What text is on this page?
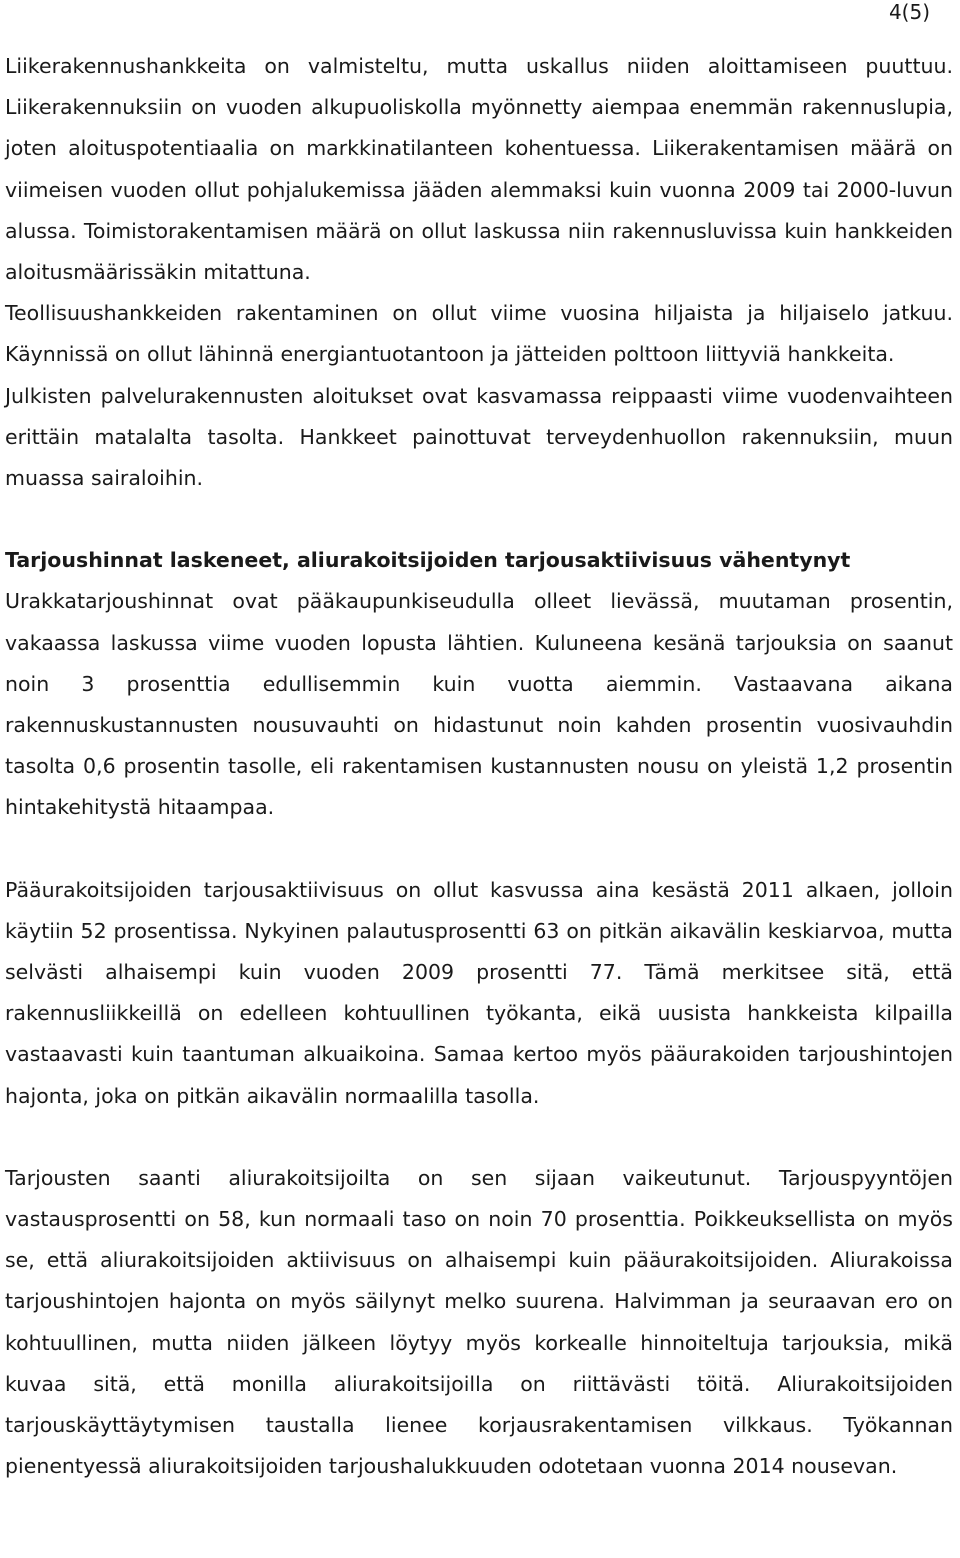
4(5)

Liikerakennushankkeita on valmisteltu, mutta uskallus niiden aloittamiseen puuttuu. Liikerakennuksiin on vuoden alkupuoliskolla myönnetty aiempaa enemmän rakennuslupia, joten aloituspotentiaalia on markkinatilanteen kohentuessa. Liikerakentamisen määrä on viimeisen vuoden ollut pohjalukemissa jääden alemmaksi kuin vuonna 2009 tai 2000-luvun alussa. Toimistorakentamisen määrä on ollut laskussa niin rakennusluvissa kuin hankkeiden aloitusmäärissäkin mitattuna.

Teollisuushankkeiden rakentaminen on ollut viime vuosina hiljaista ja hiljaiselo jatkuu. Käynnissä on ollut lähinnä energiantuotantoon ja jätteiden polttoon liittyviä hankkeita.

Julkisten palvelurakennusten aloitukset ovat kasvamassa reippaasti viime vuodenvaihteen erittäin matalalta tasolta. Hankkeet painottuvat terveydenhuollon rakennuksiin, muun muassa sairaloihin.

Tarjoushinnat laskeneet, aliurakoitsijoiden tarjousaktiivisuus vähentynyt

Urakkatarjoushinnat ovat pääkaupunkiseudulla olleet lievässä, muutaman prosentin, vakaassa laskussa viime vuoden lopusta lähtien. Kuluneena kesänä tarjouksia on saanut noin 3 prosenttia edullisemmin kuin vuotta aiemmin. Vastaavana aikana rakennuskustannusten nousuvauhti on hidastunut noin kahden prosentin vuosivauhdin tasolta 0,6 prosentin tasolle, eli rakentamisen kustannusten nousu on yleistä 1,2 prosentin hintakehitystä hitaampaa.

Pääurakoitsijoiden tarjousaktiivisuus on ollut kasvussa aina kesästä 2011 alkaen, jolloin käytiin 52 prosentissa. Nykyinen palautusprosentti 63 on pitkän aikavälin keskiarvoa, mutta selvästi alhaisempi kuin vuoden 2009 prosentti 77. Tämä merkitsee sitä, että rakennusliikkeillä on edelleen kohtuullinen työkanta, eikä uusista hankkeista kilpailla vastaavasti kuin taantuman alkuaikoina. Samaa kertoo myös pääurakoiden tarjoushintojen hajonta, joka on pitkän aikavälin normaalilla tasolla.

Tarjousten saanti aliurakoitsijoilta on sen sijaan vaikeutunut. Tarjouspyyntöjen vastausprosentti on 58, kun normaali taso on noin 70 prosenttia. Poikkeuksellista on myös se, että aliurakoitsijoiden aktiivisuus on alhaisempi kuin pääurakoitsijoiden. Aliurakoissa tarjoushintojen hajonta on myös säilynyt melko suurena. Halvimman ja seuraavan ero on kohtuullinen, mutta niiden jälkeen löytyy myös korkealle hinnoiteltuja tarjouksia, mikä kuvaa sitä, että monilla aliurakoitsijoilla on riittävästi töitä. Aliurakoitsijoiden tarjouskäyttäytymisen taustalla lienee korjausrakentamisen vilkkaus. Työkannan pienentyessä aliurakoitsijoiden tarjoushalukkuuden odotetaan vuonna 2014 nousevan.
